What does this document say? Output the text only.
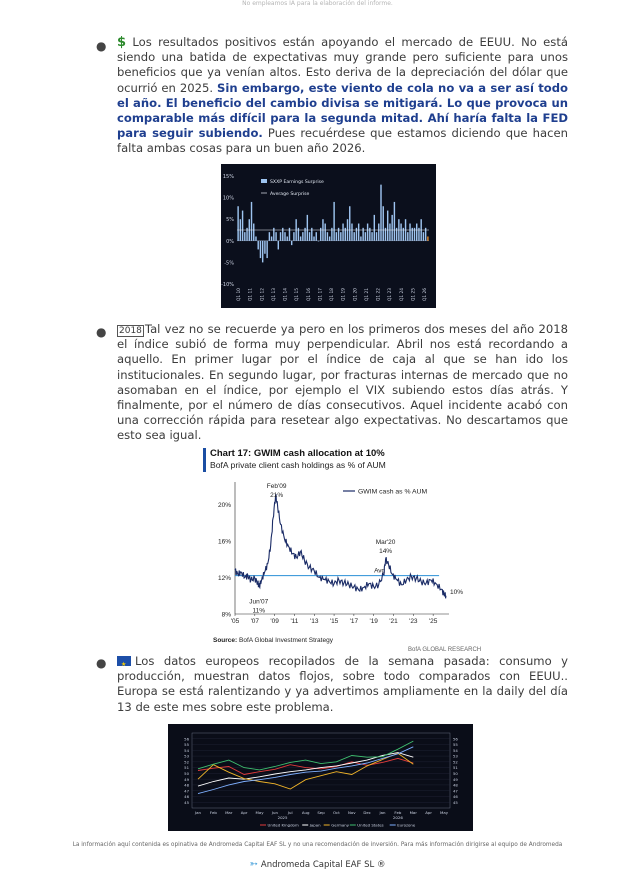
No empleamos IA para la elaboración del informe.
● $ Los resultados positivos están apoyando el mercado de EEUU. No está siendo una batida de expectativas muy grande pero suficiente para unos beneficios que ya venían altos. Esto deriva de la depreciación del dólar que ocurrió en 2025. Sin embargo, este viento de cola no va a ser así todo el año. El beneficio del cambio divisa se mitigará. Lo que provoca un comparable más difícil para la segunda mitad. Ahí haría falta la FED para seguir subiendo. Pues recuérdese que estamos diciendo que hacen falta ambas cosas para un buen año 2026.
15%
10%
5%
0%
-5%
-10%
SXXP Earnings Surprise
Average Surprise
Q1 10 Q1 11 Q1 12 Q1 13 Q1 14 Q1 15 Q1 16 Q1 17 Q1 18 Q1 19 Q1 20 Q1 21 Q1 22 Q1 23 Q1 24 Q1 25 Q1 26
● 2018 Tal vez no se recuerde ya pero en los primeros dos meses del año 2018 el índice subió de forma muy perpendicular. Abril nos está recordando a aquello. En primer lugar por el índice de caja al que se han ido los institucionales. En segundo lugar, por fracturas internas de mercado que no asomaban en el índice, por ejemplo el VIX subiendo estos días atrás. Y finalmente, por el número de días consecutivos. Aquel incidente acabó con una corrección rápida para resetear algo expectativas. No descartamos que esto sea igual.
Chart 17: GWIM cash allocation at 10%
BofA private client cash holdings as % of AUM
20%
16%
12%
8%
'05 '07 '09 '11 '13 '15 '17 '19 '21 '23 '25
Avg
GWIM cash as % AUM
Feb'09
21%
Jun'07
11%
Mar'20
14%
10%
Source: BofA Global Investment Strategy
BofA GLOBAL RESEARCH
●
★	Los datos europeos recopilados de la semana pasada: consumo y producción, muestran datos flojos, sobre todo comparados con EEUU.. Europa se está ralentizando y ya advertimos ampliamente en la daily del día 13 de este mes sobre este problema.
56
55
54
53
52
51
50
49
48
47
46
45
56
55
54
53
52
51
50
49
48
47
46
45
Jan Feb Mar Apr May Jun	Jul Aug Sep Oct Nov Dec Jan Feb Mar Apr May
2025	2026
United Kingdom	Japan	Germany United States	Eurozone
La información aquí contenida es opinativa de Andromeda Capital EAF SL y no una recomendación de inversión. Para más información dirigirse al equipo de Andromeda
➳ Andromeda Capital EAF SL ®
